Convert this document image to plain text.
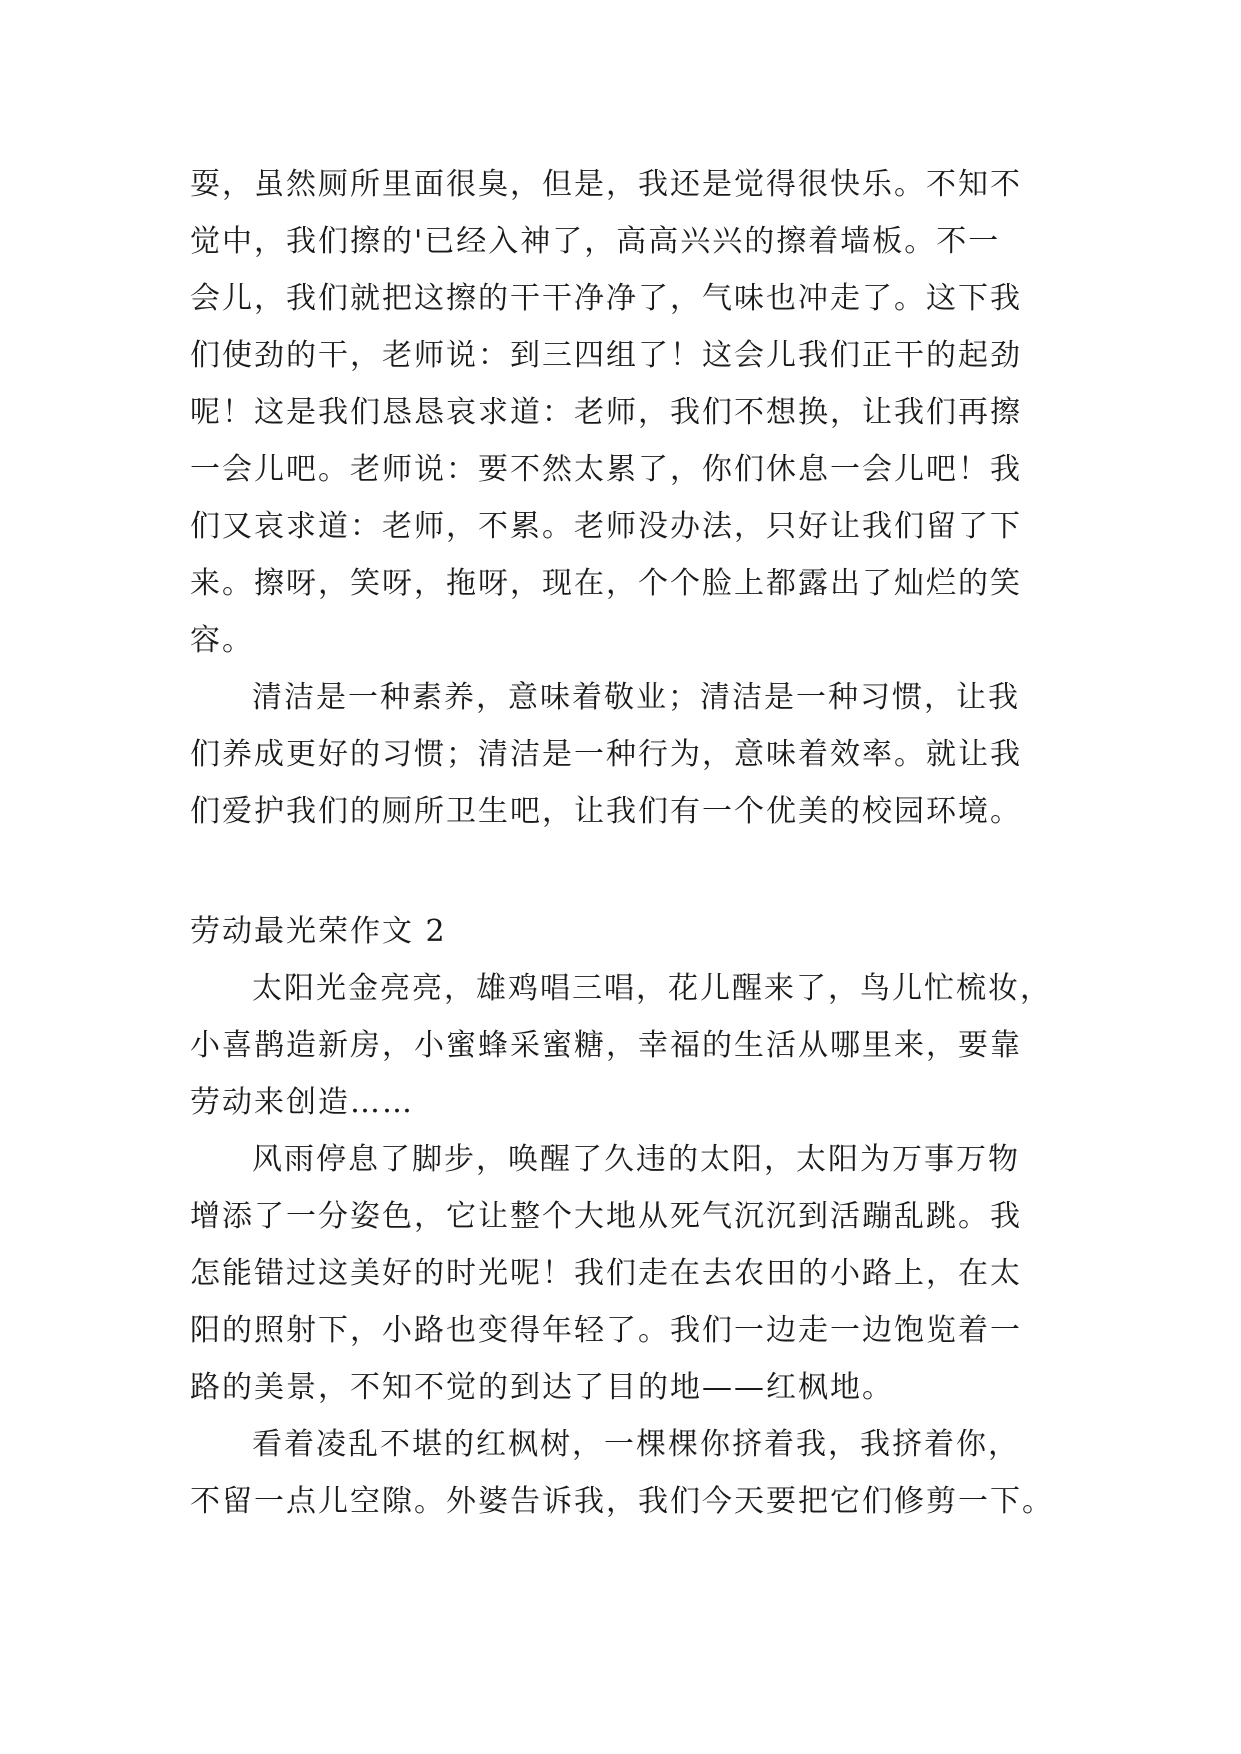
耍，虽然厕所里面很臭，但是，我还是觉得很快乐。不知不
觉中，我们擦的'已经入神了，高高兴兴的擦着墙板。不一
会儿，我们就把这擦的干干净净了，气味也冲走了。这下我
们使劲的干，老师说：到三四组了！这会儿我们正干的起劲
呢！这是我们恳恳哀求道：老师，我们不想换，让我们再擦
一会儿吧。老师说：要不然太累了，你们休息一会儿吧！我
们又哀求道：老师，不累。老师没办法，只好让我们留了下
来。擦呀，笑呀，拖呀，现在，个个脸上都露出了灿烂的笑
容。
清洁是一种素养，意味着敬业；清洁是一种习惯，让我
们养成更好的习惯；清洁是一种行为，意味着效率。就让我
们爱护我们的厕所卫生吧，让我们有一个优美的校园环境。
劳动最光荣作文 2
太阳光金亮亮，雄鸡唱三唱，花儿醒来了，鸟儿忙梳妆，
小喜鹊造新房，小蜜蜂采蜜糖，幸福的生活从哪里来，要靠
劳动来创造……
风雨停息了脚步，唤醒了久违的太阳，太阳为万事万物
增添了一分姿色，它让整个大地从死气沉沉到活蹦乱跳。我
怎能错过这美好的时光呢！我们走在去农田的小路上，在太
阳的照射下，小路也变得年轻了。我们一边走一边饱览着一
路的美景，不知不觉的到达了目的地——红枫地。
看着凌乱不堪的红枫树，一棵棵你挤着我，我挤着你，
不留一点儿空隙。外婆告诉我，我们今天要把它们修剪一下。
